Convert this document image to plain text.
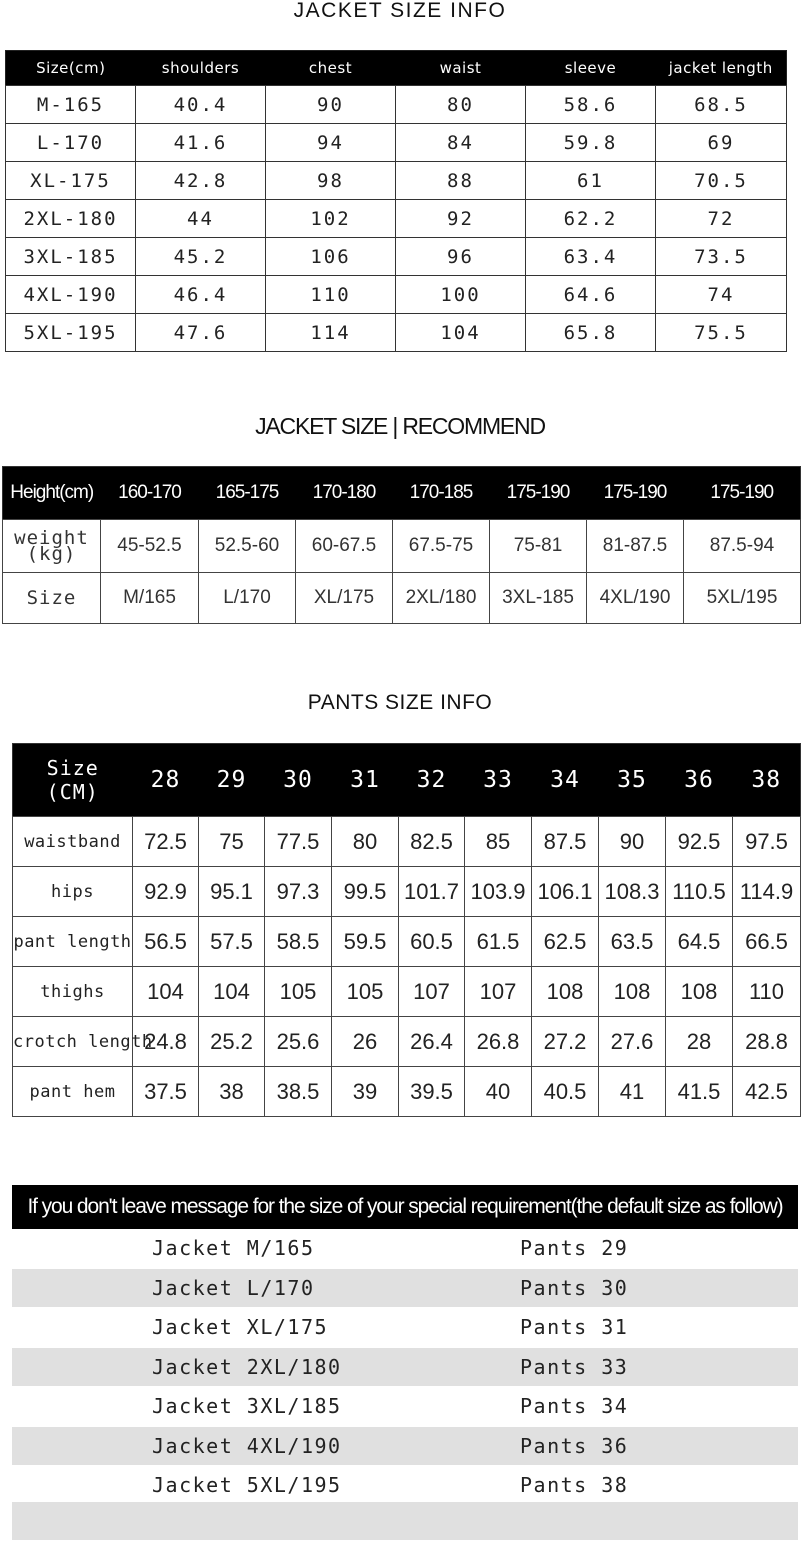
JACKET SIZE INFO
Size(cm)	shoulders	chest	waist	sleeve	jacket length
M-165	40.4	90	80	58.6	68.5
L-170	41.6	94	84	59.8	69
XL-175	42.8	98	88	61	70.5
2XL-180	44	102	92	62.2	72
3XL-185	45.2	106	96	63.4	73.5
4XL-190	46.4	110	100	64.6	74
5XL-195	47.6	114	104	65.8	75.5
JACKET SIZE | RECOMMEND
Height(cm)	160-170	165-175	170-180	170-185	175-190	175-190	175-190

weight
(kg)	45-52.5	52.5-60	60-67.5	67.5-75	75-81	81-87.5	87.5-94
Size	M/165	L/170	XL/175	2XL/180	3XL-185	4XL/190	5XL/195
PANTS SIZE INFO
Size
(CM)	28	29	30	31	32	33	34	35	36	38
waistband	72.5	75	77.5	80	82.5	85	87.5	90	92.5	97.5
hips	92.9	95.1	97.3	99.5	101.7	103.9	106.1	108.3	110.5	114.9
pant length	56.5	57.5	58.5	59.5	60.5	61.5	62.5	63.5	64.5	66.5
thighs	104	104	105	105	107	107	108	108	108	110
crotch length	24.8	25.2	25.6	26	26.4	26.8	27.2	27.6	28	28.8
pant hem	37.5	38	38.5	39	39.5	40	40.5	41	41.5	42.5
If you don't leave message for the size of your special requirement(the default size as follow)
Jacket M/165	Pants 29
Jacket L/170	Pants 30
Jacket XL/175	Pants 31
Jacket 2XL/180	Pants 33
Jacket 3XL/185	Pants 34
Jacket 4XL/190	Pants 36
Jacket 5XL/195	Pants 38
